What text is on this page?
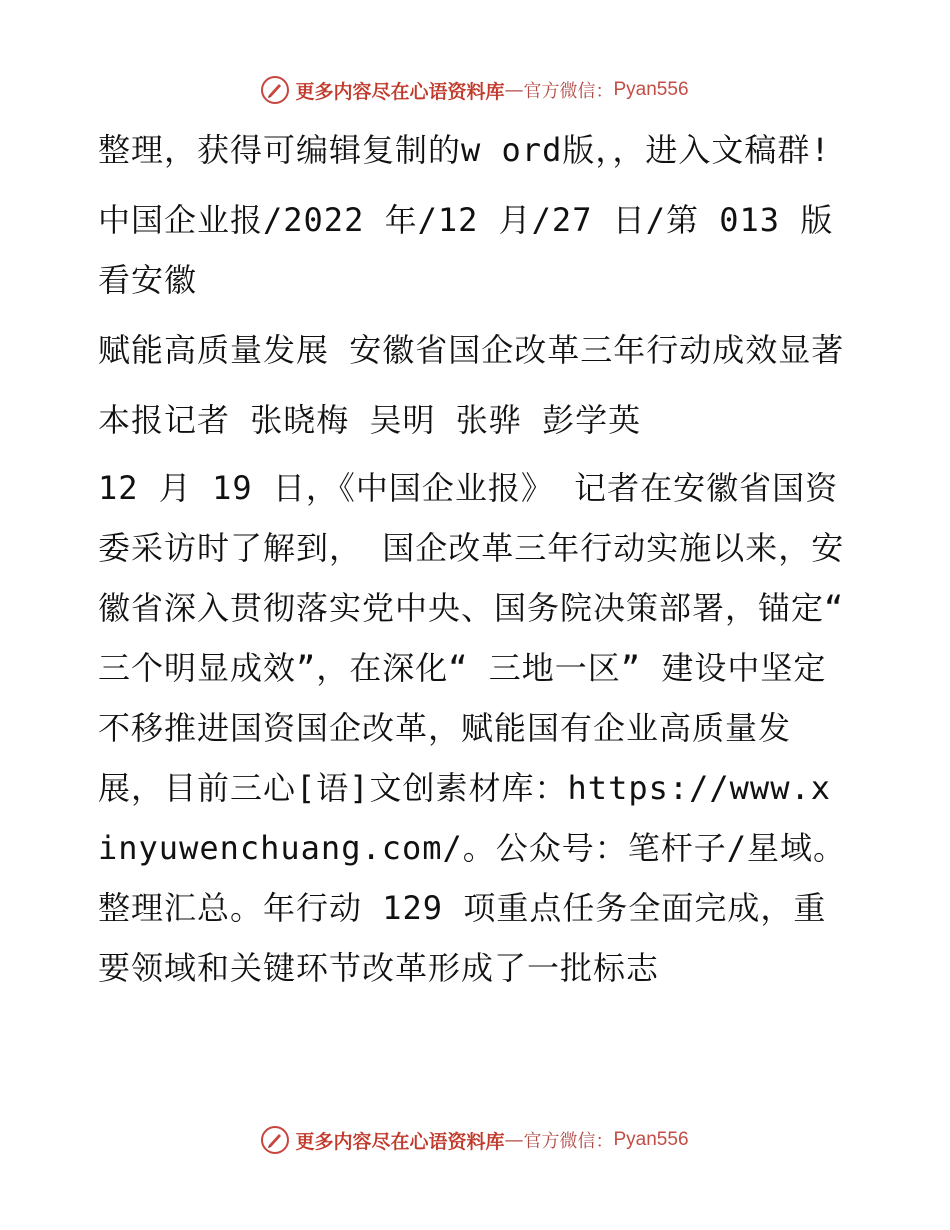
更多内容尽在心语资料库 — 官方微信： Pyan556

整理，获得可编辑复制的w ord版，，进入文稿群!

中国企业报/2022 年/12 月/27 日/第 013 版看安徽

赋能高质量发展 安徽省国企改革三年行动成效显著

本报记者 张晓梅 吴明 张骅 彭学英

12 月 19 日，《中国企业报》 记者在安徽省国资委采访时了解到， 国企改革三年行动实施以来，安徽省深入贯彻落实党中央、国务院决策部署，锚定“ 三个明显成效”，在深化“ 三地一区” 建设中坚定不移推进国资国企改革，赋能国有企业高质量发展，目前三心[语]文创素材库：https://www.xinyuwenchuang.com/。公众号：笔杆子/星域。整理汇总。年行动 129 项重点任务全面完成，重要领域和关键环节改革形成了一批标志

更多内容尽在心语资料库 — 官方微信： Pyan556
